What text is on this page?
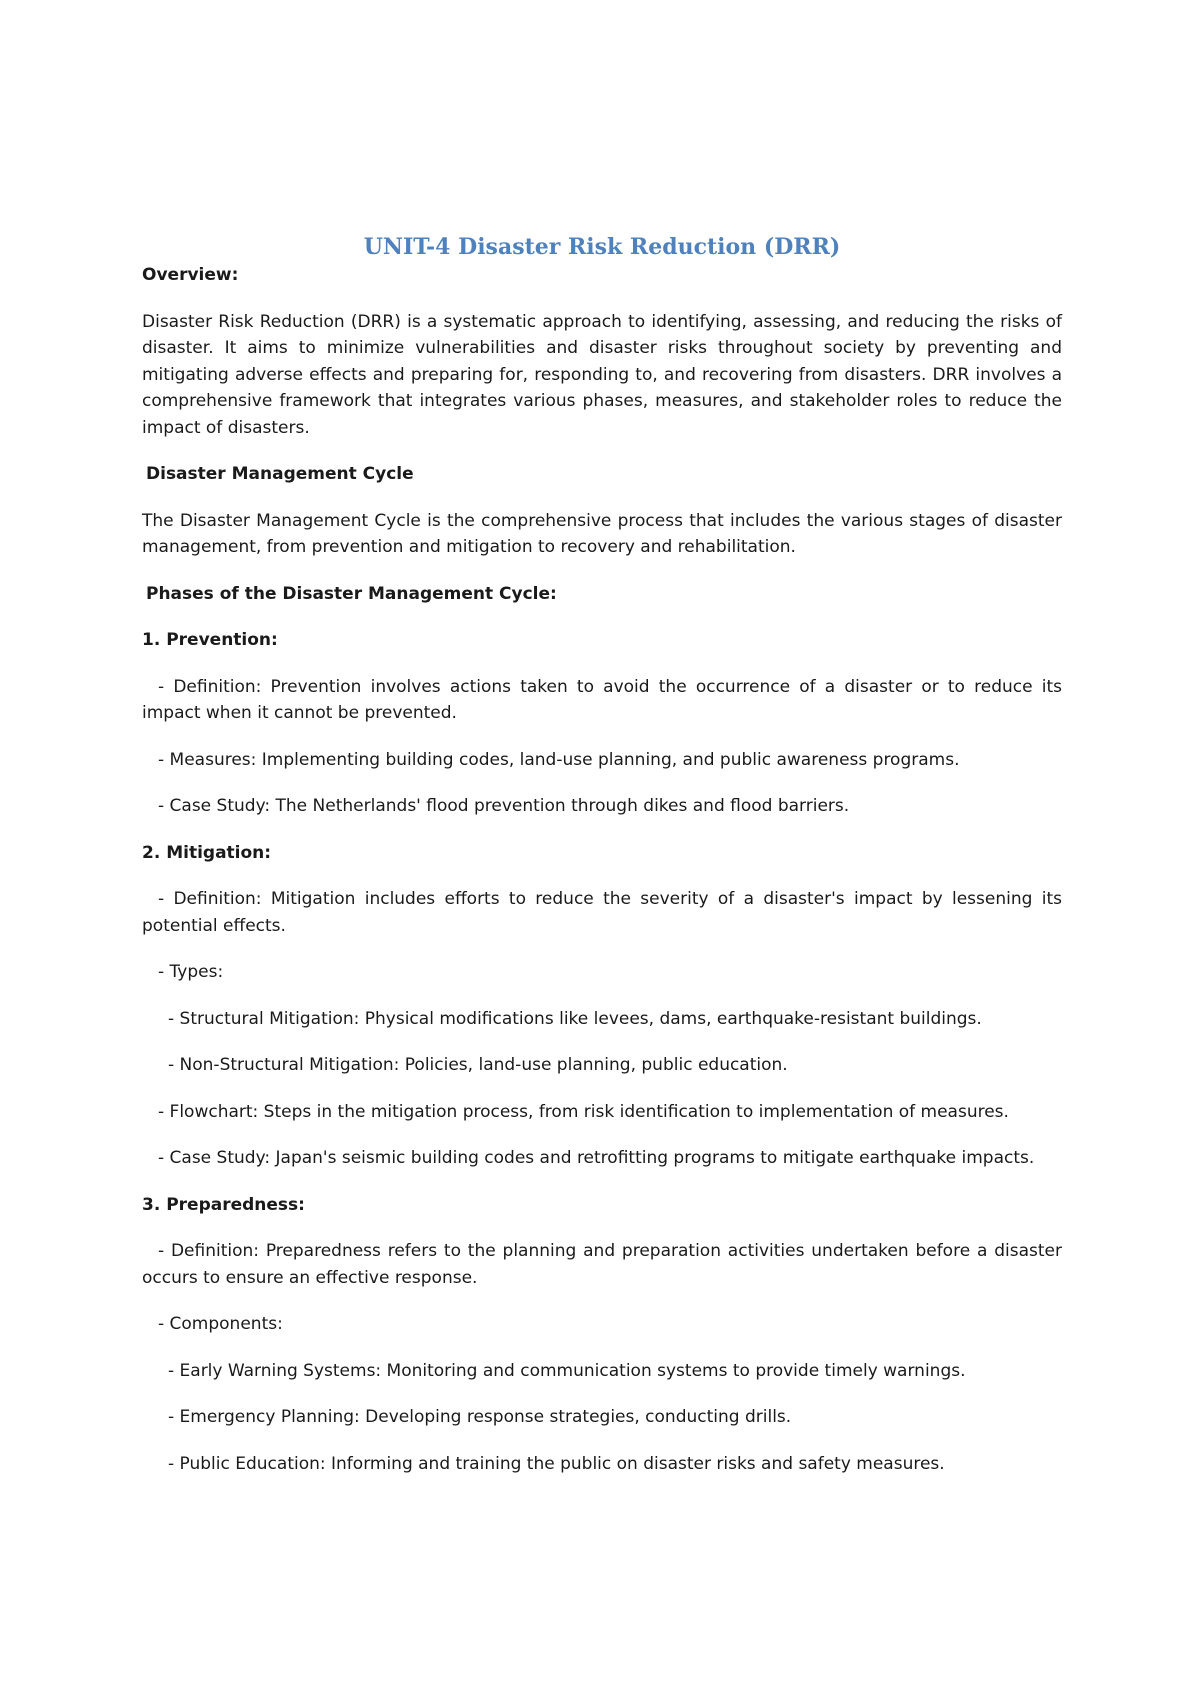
UNIT-4 Disaster Risk Reduction (DRR)
Overview:

Disaster Risk Reduction (DRR) is a systematic approach to identifying, assessing, and reducing the risks of disaster. It aims to minimize vulnerabilities and disaster risks throughout society by preventing and mitigating adverse effects and preparing for, responding to, and recovering from disasters. DRR involves a comprehensive framework that integrates various phases, measures, and stakeholder roles to reduce the impact of disasters.

Disaster Management Cycle

The Disaster Management Cycle is the comprehensive process that includes the various stages of disaster management, from prevention and mitigation to recovery and rehabilitation.

Phases of the Disaster Management Cycle:

1. Prevention:

- Definition: Prevention involves actions taken to avoid the occurrence of a disaster or to reduce its impact when it cannot be prevented.

- Measures: Implementing building codes, land-use planning, and public awareness programs.

- Case Study: The Netherlands' flood prevention through dikes and flood barriers.

2. Mitigation:

- Definition: Mitigation includes efforts to reduce the severity of a disaster's impact by lessening its potential effects.

- Types:

- Structural Mitigation: Physical modifications like levees, dams, earthquake-resistant buildings.

- Non-Structural Mitigation: Policies, land-use planning, public education.

- Flowchart: Steps in the mitigation process, from risk identification to implementation of measures.

- Case Study: Japan's seismic building codes and retrofitting programs to mitigate earthquake impacts.

3. Preparedness:

- Definition: Preparedness refers to the planning and preparation activities undertaken before a disaster occurs to ensure an effective response.

- Components:

- Early Warning Systems: Monitoring and communication systems to provide timely warnings.

- Emergency Planning: Developing response strategies, conducting drills.

- Public Education: Informing and training the public on disaster risks and safety measures.
